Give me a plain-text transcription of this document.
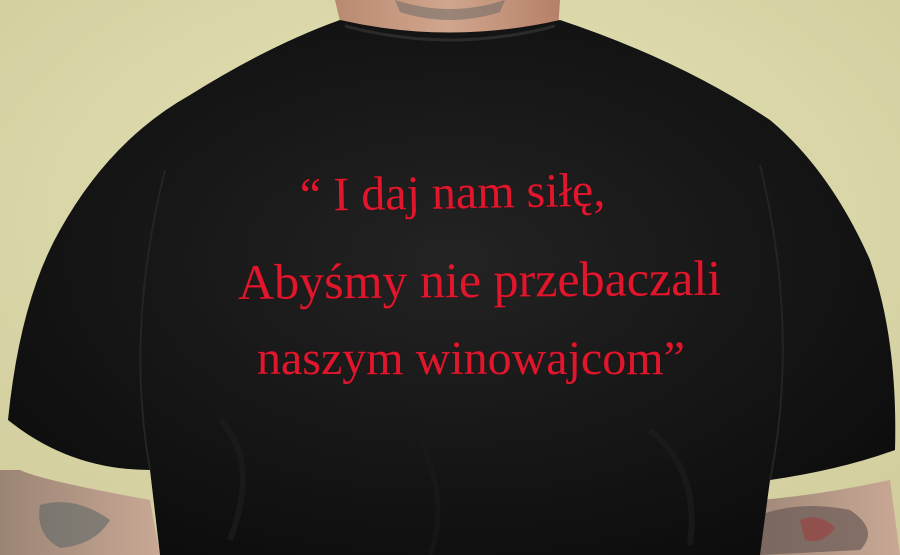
“ I daj nam siłę,
Abyśmy nie przebaczali
naszym winowajcom”
